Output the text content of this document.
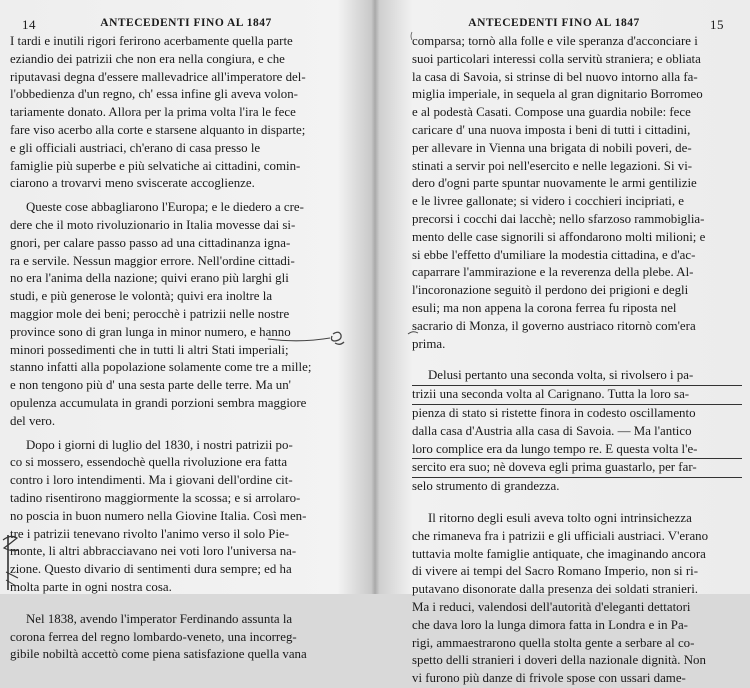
14	ANTECEDENTI FINO AL 1847
I tardi e inutili rigori ferirono acerbamente quella parte
eziandio dei patrizii che non era nella congiura, e che
riputavasi degna d'essere mallevadrice all'imperatore del-
l'obbedienza d'un regno, ch' essa infine gli aveva volon-
tariamente donato. Allora per la prima volta l'ira le fece
fare viso acerbo alla corte e starsene alquanto in disparte;
e gli officiali austriaci, ch'erano di casa presso le
famiglie più superbe e più selvatiche ai cittadini, comin-
ciarono a trovarvi meno sviscerate accoglienze.
Queste cose abbagliarono l'Europa; e le diedero a cre-
dere che il moto rivoluzionario in Italia movesse dai si-
gnori, per calare passo passo ad una cittadinanza igna-
ra e servile. Nessun maggior errore. Nell'ordine cittadi-
no era l'anima della nazione; quivi erano più larghi gli
studi, e più generose le volontà; quivi era inoltre la
maggior mole dei beni; perocchè i patrizii nelle nostre
province sono di gran lunga in minor numero, e hanno
minori possedimenti che in tutti li altri Stati imperiali;
stanno infatti alla popolazione solamente come tre a mille;
e non tengono più d' una sesta parte delle terre. Ma un'
opulenza accumulata in grandi porzioni sembra maggiore
del vero.
Dopo i giorni di luglio del 1830, i nostri patrizii po-
co si mossero, essendochè quella rivoluzione era fatta
contro i loro intendimenti. Ma i giovani dell'ordine cit-
tadino risentirono maggiormente la scossa; e si arrolaro-
no poscia in buon numero nella Giovine Italia. Così men-
tre i patrizii tenevano rivolto l'animo verso il solo Pie-
monte, li altri abbracciavano nei voti loro l'universa na-
zione. Questo divario di sentimenti dura sempre; ed ha
molta parte in ogni nostra cosa.
Nel 1838, avendo l'imperator Ferdinando assunta la
corona ferrea del regno lombardo-veneto, una incorreg-
gibile nobiltà accettò come piena satisfazione quella vana
ANTECEDENTI FINO AL 1847	15
comparsa; tornò alla folle e vile speranza d'acconciare i
suoi particolari interessi colla servitù straniera; e obliata
la casa di Savoia, si strinse di bel nuovo intorno alla fa-
miglia imperiale, in sequela al gran dignitario Borromeo
e al podestà Casati. Compose una guardia nobile: fece
caricare d' una nuova imposta i beni di tutti i cittadini,
per allevare in Vienna una brigata di nobili poveri, de-
stinati a servir poi nell'esercito e nelle legazioni. Si vi-
dero d'ogni parte spuntar nuovamente le armi gentilizie
e le livree gallonate; si videro i cocchieri incipriati, e
precorsi i cocchi dai lacchè; nello sfarzoso rammobiglia-
mento delle case signorili si affondarono molti milioni; e
si ebbe l'effetto d'umiliare la modestia cittadina, e d'ac-
caparrare l'ammirazione e la reverenza della plebe. Al-
l'incoronazione seguitò il perdono dei prigioni e degli
esuli; ma non appena la corona ferrea fu riposta nel
sacrario di Monza, il governo austriaco ritornò com'era
prima.
Delusi pertanto una seconda volta, si rivolsero i pa-
trizii una seconda volta al Carignano. Tutta la loro sa-
pienza di stato si ristette finora in codesto oscillamento
dalla casa d'Austria alla casa di Savoia. — Ma l'antico
loro complice era da lungo tempo re. E questa volta l'e-
sercito era suo; nè doveva egli prima guastarlo, per far-
selo strumento di grandezza.
Il ritorno degli esuli aveva tolto ogni intrinsichezza
che rimaneva fra i patrizii e gli ufficiali austriaci. V'erano
tuttavia molte famiglie antiquate, che imaginando ancora
di vivere ai tempi del Sacro Romano Imperio, non si ri-
putavano disonorate dalla presenza dei soldati stranieri.
Ma i reduci, valendosi dell'autorità d'eleganti dettatori
che dava loro la lunga dimora fatta in Londra e in Pa-
rigi, ammaestrarono quella stolta gente a serbare al co-
spetto delli stranieri i doveri della nazionale dignità. Non
vi furono più danze di frivole spose con ussari dame-
